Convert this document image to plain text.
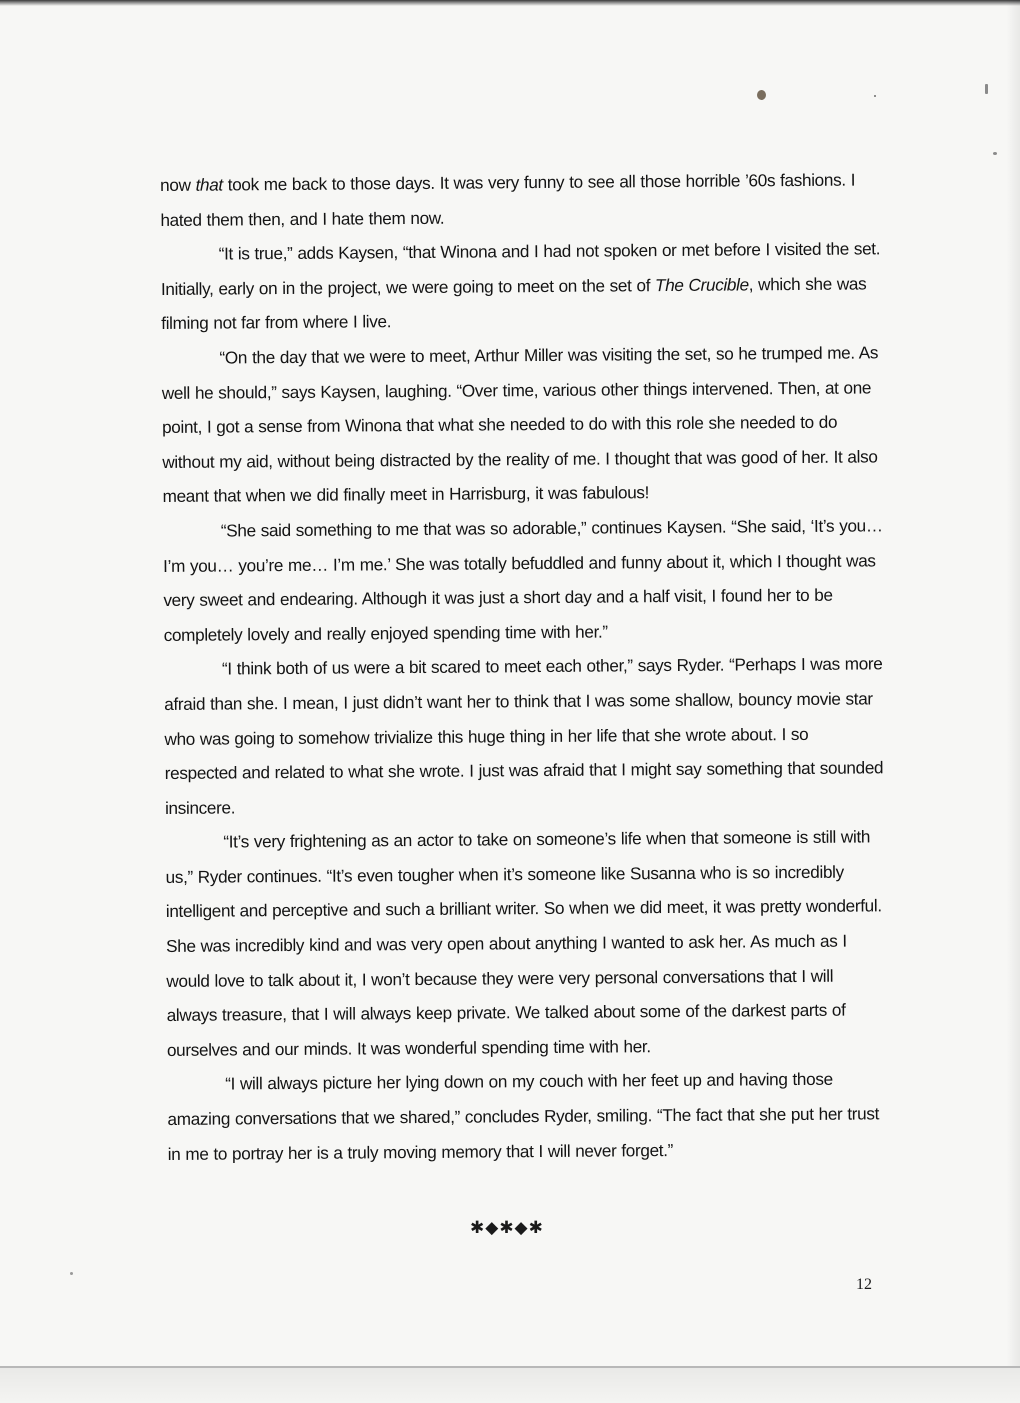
now that took me back to those days. It was very funny to see all those horrible ’60s fashions. I hated them then, and I hate them now.

“It is true,” adds Kaysen, “that Winona and I had not spoken or met before I visited the set. Initially, early on in the project, we were going to meet on the set of The Crucible, which she was filming not far from where I live.

“On the day that we were to meet, Arthur Miller was visiting the set, so he trumped me. As well he should,” says Kaysen, laughing. “Over time, various other things intervened. Then, at one point, I got a sense from Winona that what she needed to do with this role she needed to do without my aid, without being distracted by the reality of me. I thought that was good of her. It also meant that when we did finally meet in Harrisburg, it was fabulous!

“She said something to me that was so adorable,” continues Kaysen. “She said, ‘It’s you… I’m you… you’re me… I’m me.’ She was totally befuddled and funny about it, which I thought was very sweet and endearing. Although it was just a short day and a half visit, I found her to be completely lovely and really enjoyed spending time with her.”

“I think both of us were a bit scared to meet each other,” says Ryder. “Perhaps I was more afraid than she. I mean, I just didn’t want her to think that I was some shallow, bouncy movie star who was going to somehow trivialize this huge thing in her life that she wrote about. I so respected and related to what she wrote. I just was afraid that I might say something that sounded insincere.

“It’s very frightening as an actor to take on someone’s life when that someone is still with us,” Ryder continues. “It’s even tougher when it’s someone like Susanna who is so incredibly intelligent and perceptive and such a brilliant writer. So when we did meet, it was pretty wonderful. She was incredibly kind and was very open about anything I wanted to ask her. As much as I would love to talk about it, I won’t because they were very personal conversations that I will always treasure, that I will always keep private. We talked about some of the darkest parts of ourselves and our minds. It was wonderful spending time with her.

“I will always picture her lying down on my couch with her feet up and having those amazing conversations that we shared,” concludes Ryder, smiling. “The fact that she put her trust in me to portray her is a truly moving memory that I will never forget.”

✱◆✱◆✱
12
